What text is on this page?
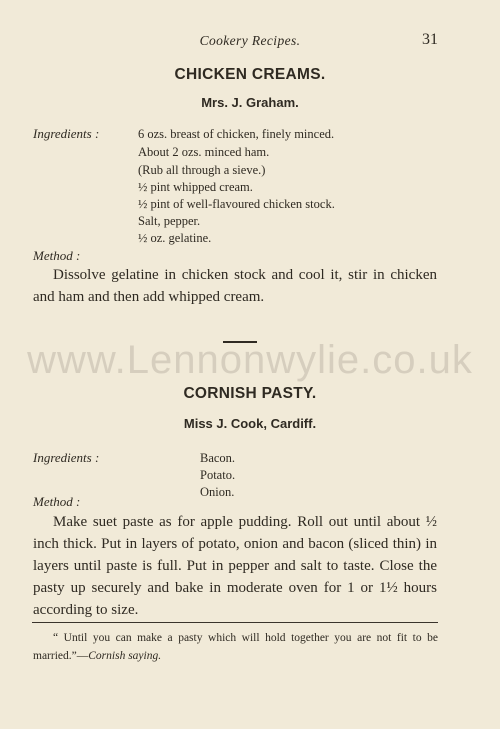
Cookery Recipes.	31
CHICKEN CREAMS.
Mrs. J. Graham.
Ingredients :	6 ozs. breast of chicken, finely minced.
About 2 ozs. minced ham.
(Rub all through a sieve.)
½ pint whipped cream.
½ pint of well-flavoured chicken stock.
Salt, pepper.
½ oz. gelatine.
Method :

Dissolve gelatine in chicken stock and cool it, stir in chicken and ham and then add whipped cream.

www.Lennonwylie.co.uk
CORNISH PASTY.
Miss J. Cook, Cardiff.
Ingredients :	Bacon.
Potato.
Onion.
Method :

Make suet paste as for apple pudding. Roll out until about ½ inch thick. Put in layers of potato, onion and bacon (sliced thin) in layers until paste is full. Put in pepper and salt to taste. Close the pasty up securely and bake in moderate oven for 1 or 1½ hours according to size.

“ Until you can make a pasty which will hold together you are not fit to be married.”—Cornish saying.
